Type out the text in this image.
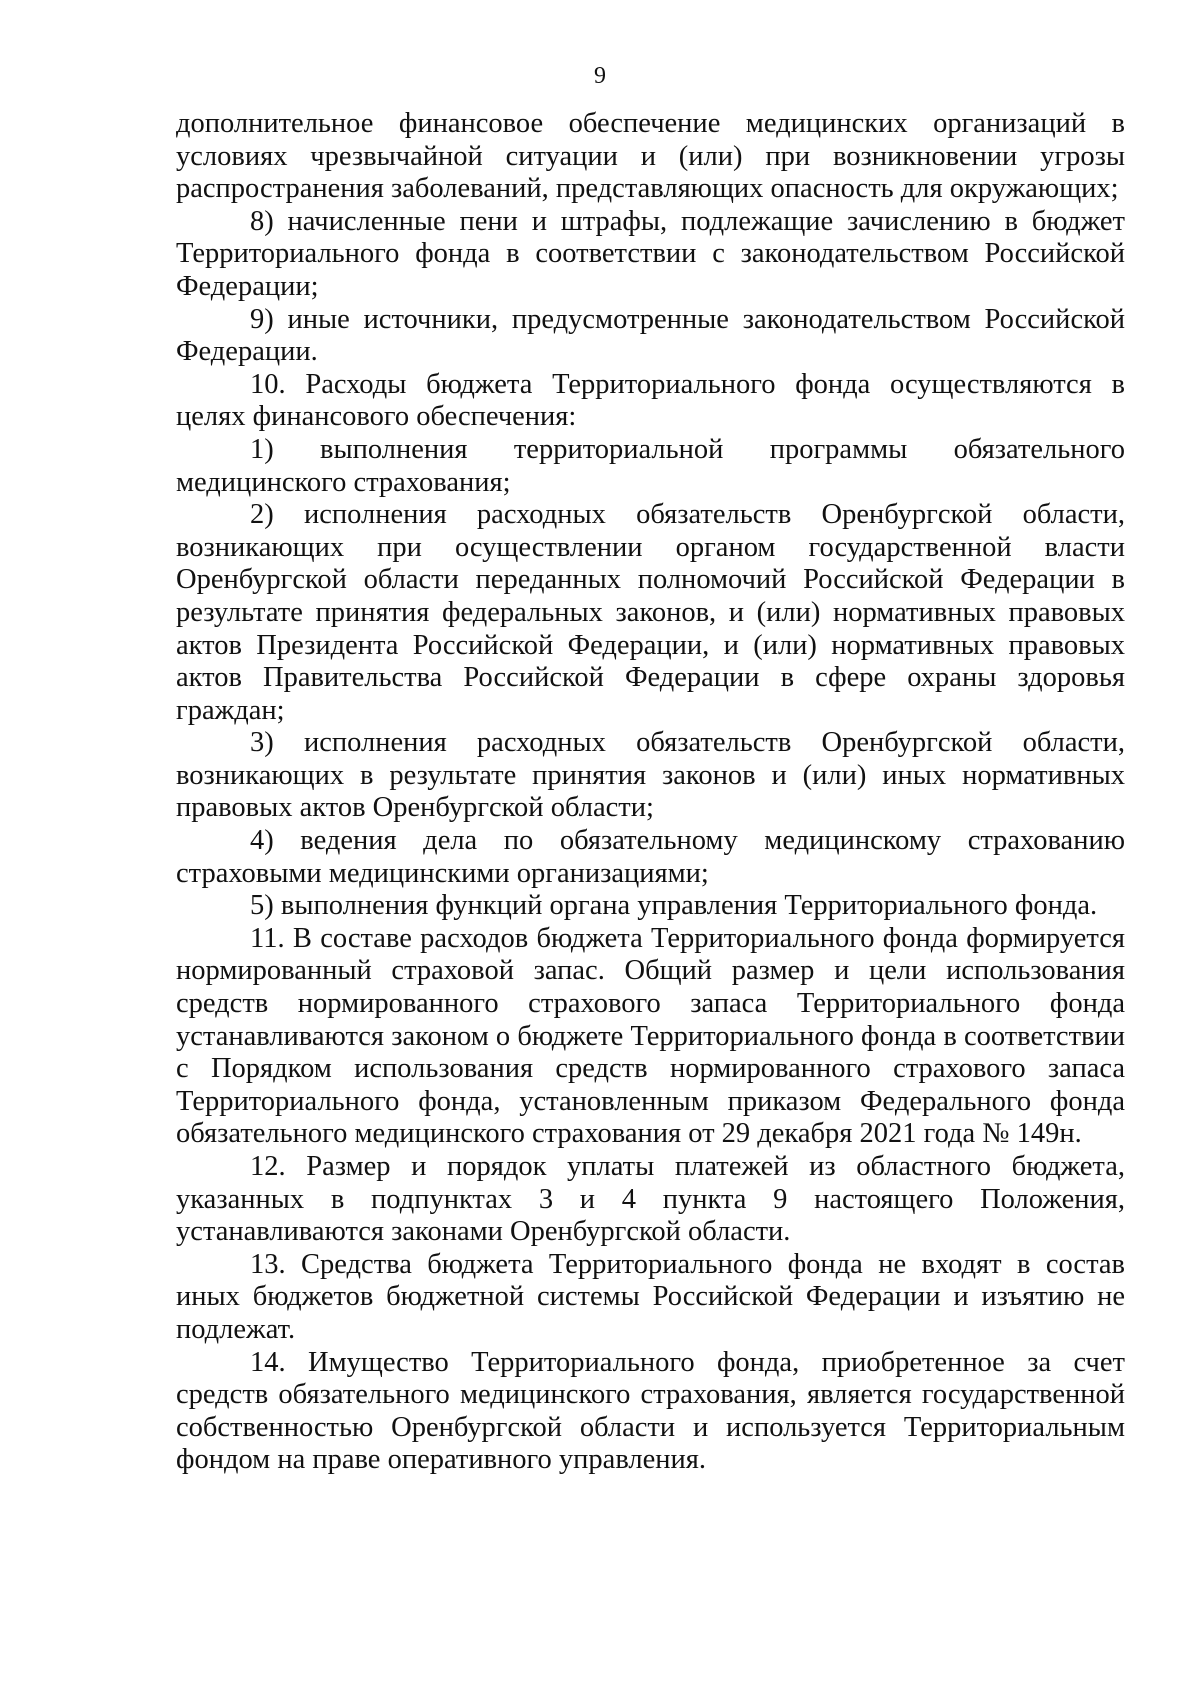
9

дополнительное финансовое обеспечение медицинских организаций в условиях чрезвычайной ситуации и (или) при возникновении угрозы распространения заболеваний, представляющих опасность для окружающих;

8) начисленные пени и штрафы, подлежащие зачислению в бюджет Территориального фонда в соответствии с законодательством Российской Федерации;

9) иные источники, предусмотренные законодательством Российской Федерации.

10. Расходы бюджета Территориального фонда осуществляются в целях финансового обеспечения:

1) выполнения территориальной программы обязательного медицинского страхования;

2) исполнения расходных обязательств Оренбургской области, возникающих при осуществлении органом государственной власти Оренбургской области переданных полномочий Российской Федерации в результате принятия федеральных законов, и (или) нормативных правовых актов Президента Российской Федерации, и (или) нормативных правовых актов Правительства Российской Федерации в сфере охраны здоровья граждан;

3) исполнения расходных обязательств Оренбургской области, возникающих в результате принятия законов и (или) иных нормативных правовых актов Оренбургской области;

4) ведения дела по обязательному медицинскому страхованию страховыми медицинскими организациями;

5) выполнения функций органа управления Территориального фонда.

11. В составе расходов бюджета Территориального фонда формируется нормированный страховой запас. Общий размер и цели использования средств нормированного страхового запаса Территориального фонда устанавливаются законом о бюджете Территориального фонда в соответствии с Порядком использования средств нормированного страхового запаса Территориального фонда, установленным приказом Федерального фонда обязательного медицинского страхования от 29 декабря 2021 года № 149н.

12. Размер и порядок уплаты платежей из областного бюджета, указанных в подпунктах 3 и 4 пункта 9 настоящего Положения, устанавливаются законами Оренбургской области.

13. Средства бюджета Территориального фонда не входят в состав иных бюджетов бюджетной системы Российской Федерации и изъятию не подлежат.

14. Имущество Территориального фонда, приобретенное за счет средств обязательного медицинского страхования, является государственной собственностью Оренбургской области и используется Территориальным фондом на праве оперативного управления.
